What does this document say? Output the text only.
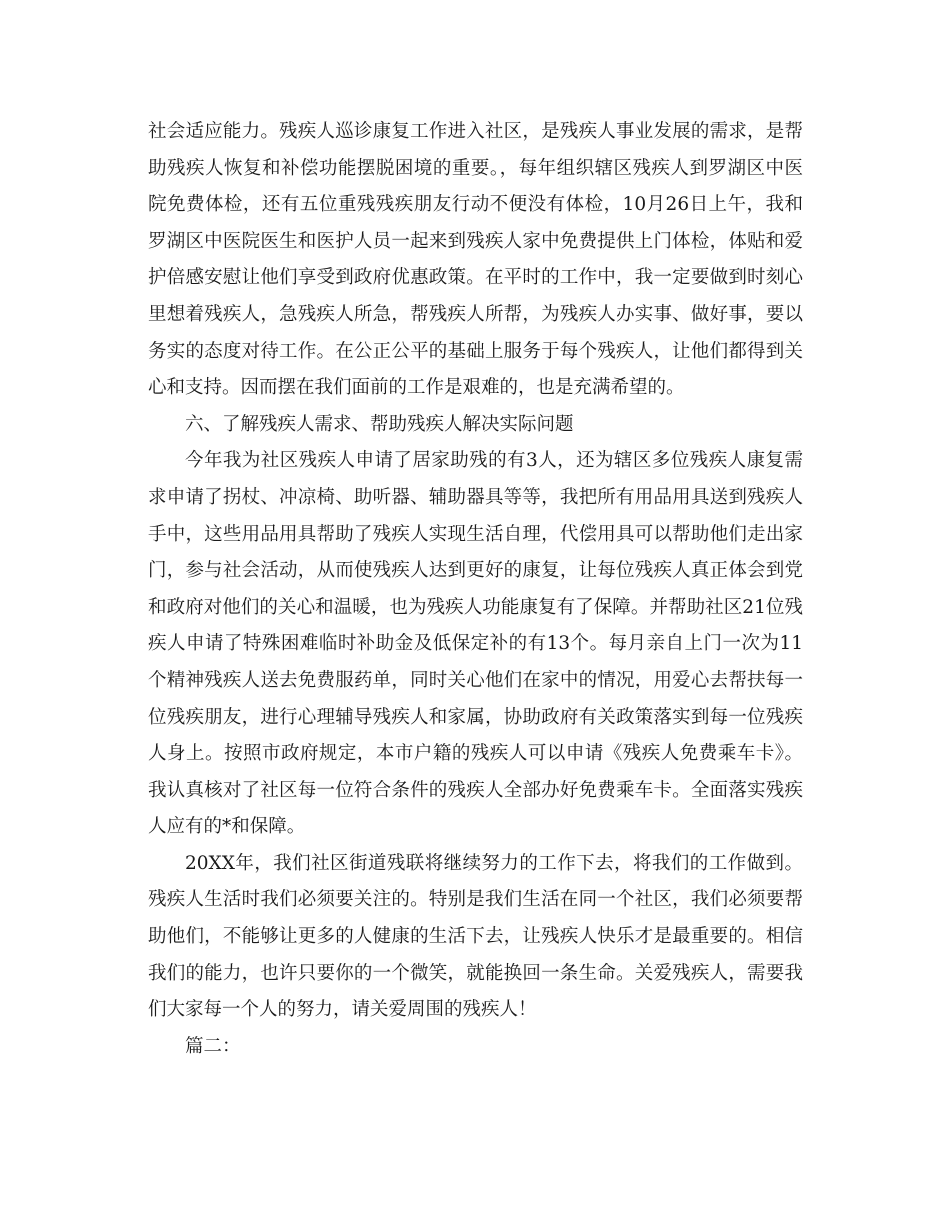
社会适应能力。残疾人巡诊康复工作进入社区，是残疾人事业发展的需求，是帮助残疾人恢复和补偿功能摆脱困境的重要。，每年组织辖区残疾人到罗湖区中医院免费体检，还有五位重残残疾朋友行动不便没有体检，10月26日上午，我和罗湖区中医院医生和医护人员一起来到残疾人家中免费提供上门体检，体贴和爱护倍感安慰让他们享受到政府优惠政策。在平时的工作中，我一定要做到时刻心里想着残疾人，急残疾人所急，帮残疾人所帮，为残疾人办实事、做好事，要以务实的态度对待工作。在公正公平的基础上服务于每个残疾人，让他们都得到关心和支持。因而摆在我们面前的工作是艰难的，也是充满希望的。

六、了解残疾人需求、帮助残疾人解决实际问题

今年我为社区残疾人申请了居家助残的有3人，还为辖区多位残疾人康复需求申请了拐杖、冲凉椅、助听器、辅助器具等等，我把所有用品用具送到残疾人手中，这些用品用具帮助了残疾人实现生活自理，代偿用具可以帮助他们走出家门，参与社会活动，从而使残疾人达到更好的康复，让每位残疾人真正体会到党和政府对他们的关心和温暖，也为残疾人功能康复有了保障。并帮助社区21位残疾人申请了特殊困难临时补助金及低保定补的有13个。每月亲自上门一次为11个精神残疾人送去免费服药单，同时关心他们在家中的情况，用爱心去帮扶每一位残疾朋友，进行心理辅导残疾人和家属，协助政府有关政策落实到每一位残疾人身上。按照市政府规定，本市户籍的残疾人可以申请《残疾人免费乘车卡》。我认真核对了社区每一位符合条件的残疾人全部办好免费乘车卡。全面落实残疾人应有的*和保障。

20XX年，我们社区街道残联将继续努力的工作下去，将我们的工作做到。残疾人生活时我们必须要关注的。特别是我们生活在同一个社区，我们必须要帮助他们，不能够让更多的人健康的生活下去，让残疾人快乐才是最重要的。相信我们的能力，也许只要你的一个微笑，就能换回一条生命。关爱残疾人，需要我们大家每一个人的努力，请关爱周围的残疾人！

篇二：
